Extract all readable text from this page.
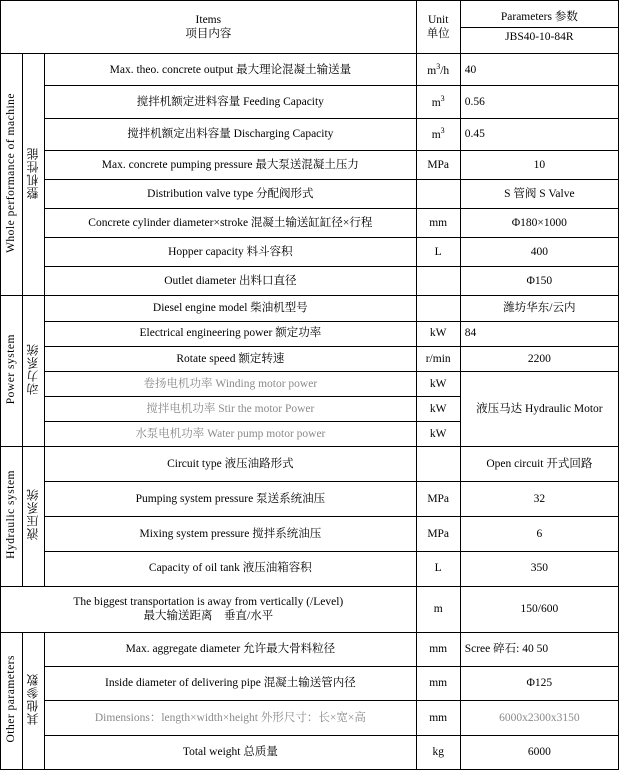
Items
项目内容

Unit
单位

Parameters 参数
JBS40-10-84R

Whole performance of machine	整机性能	Max. theo. concrete output 最大理论混凝土输送量	$m^3/h$	40
		搅拌机额定进料容量 Feeding Capacity	$m^3$	0.56
		搅拌机额定出料容量 Discharging Capacity	$m^3$	0.45
		Max. concrete pumping pressure 最大泵送混凝土压力	MPa	10
		Distribution valve type 分配阀形式		S 管阀 S Valve
		Concrete cylinder diameter×stroke 混凝土输送缸缸径×行程	mm	Φ180×1000
		Hopper capacity 料斗容积	L	400
		Outlet diameter 出料口直径		Φ150
Power system	动力系统	Diesel engine model 柴油机型号		潍坊华东/云内
		Electrical engineering power 额定功率	kW	84
		Rotate speed 额定转速	r/min	2200
		卷扬电机功率 Winding motor power	kW	液压马达 Hydraulic Motor
		搅拌电机功率 Stir the motor Power	kW	
		水泵电机功率 Water pump motor power	kW	
Hydraulic system	液压系统	Circuit type 液压油路形式		Open circuit 开式回路
		Pumping system pressure 泵送系统油压	MPa	32
		Mixing system pressure 搅拌系统油压	MPa	6
		Capacity of oil tank 液压油箱容积	L	350

The biggest transportation is away from vertically (/Level)
最大输送距离　垂直/水平			m	150/600
Other parameters	其他参数	Max. aggregate diameter 允许最大骨料粒径	mm	Scree 碎石: 40 50
		Inside diameter of delivering pipe 混凝土输送管内径	mm	Φ125
		Dimensions：length×width×height 外形尺寸：长×宽×高	mm	6000x2300x3150
		Total weight 总质量	kg	6000
